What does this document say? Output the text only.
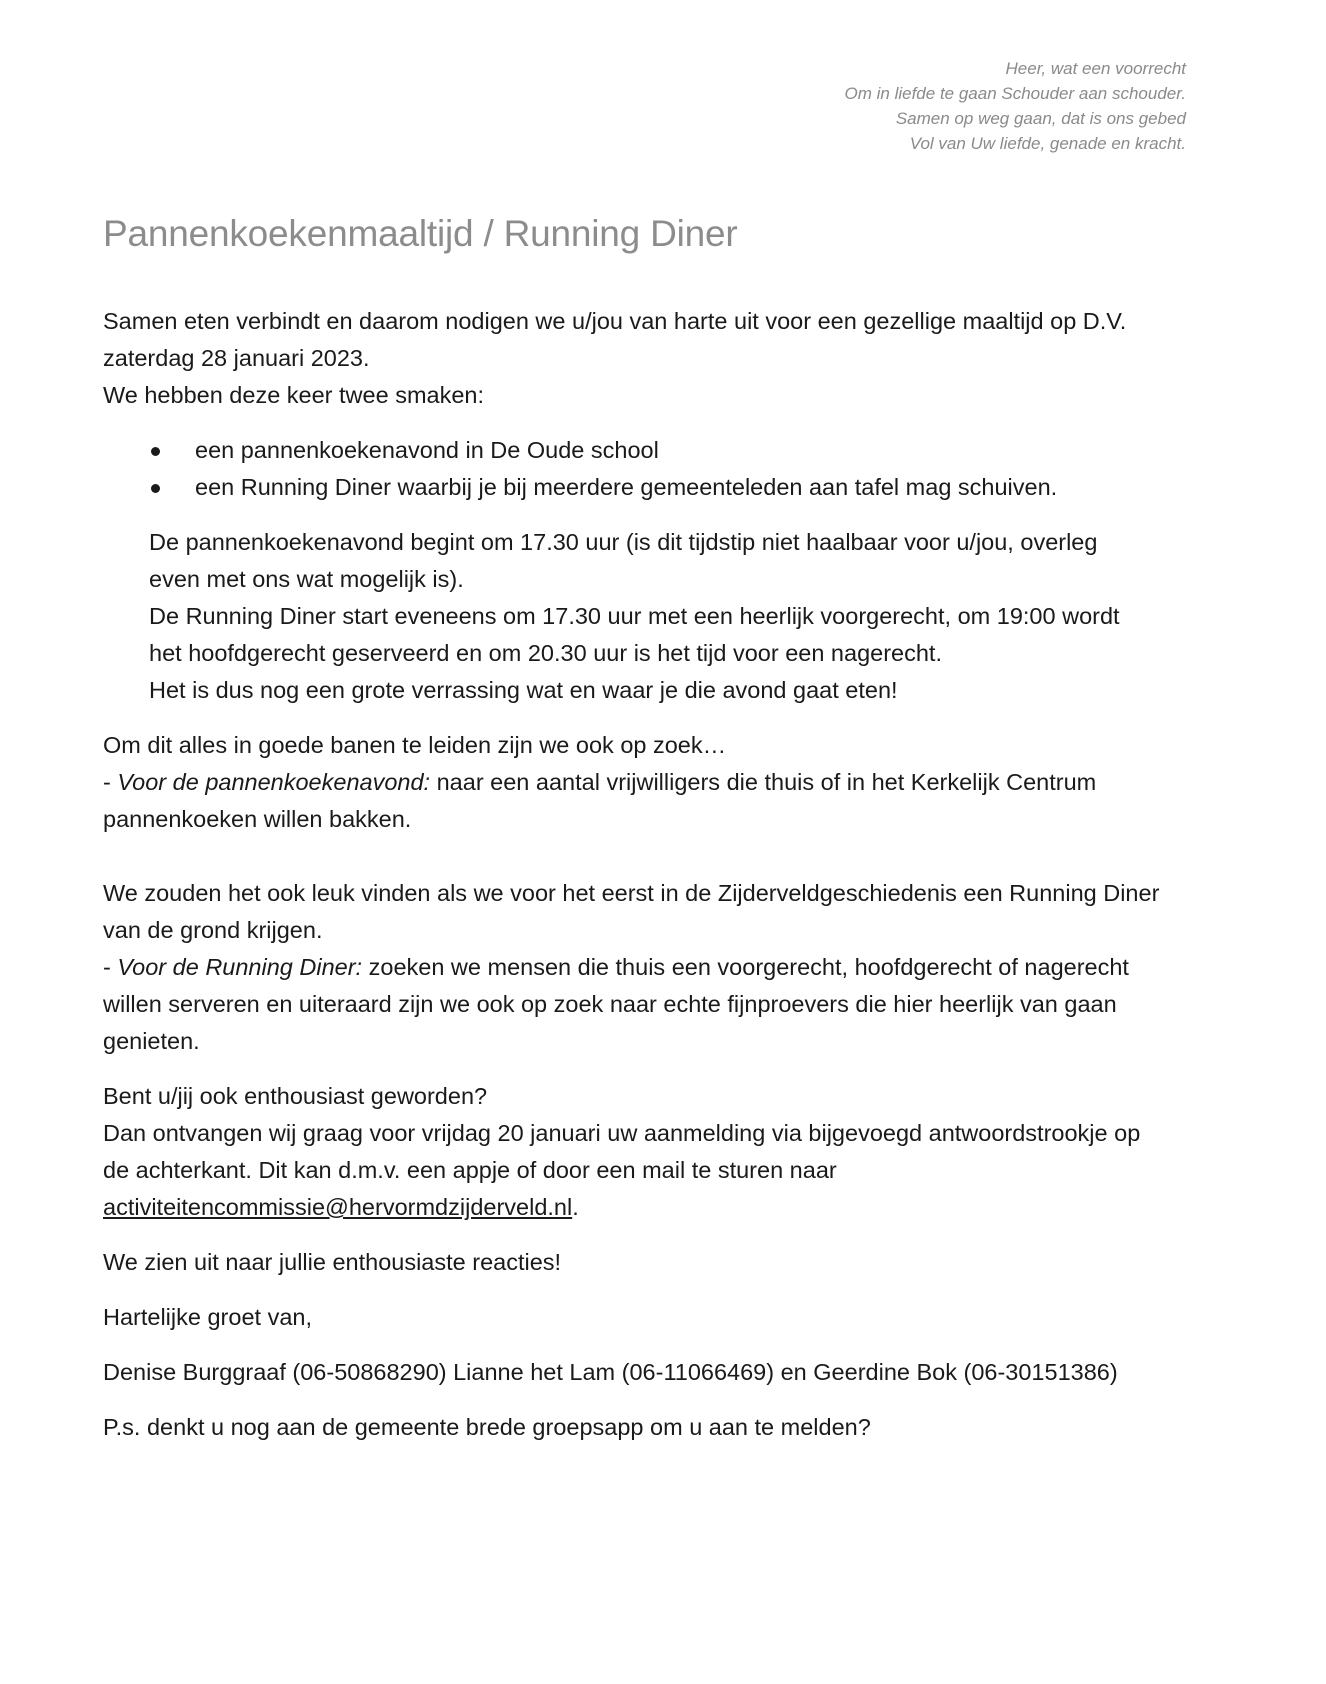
Heer, wat een voorrecht
Om in liefde te gaan Schouder aan schouder.
Samen op weg gaan, dat is ons gebed
Vol van Uw liefde, genade en kracht.
Pannenkoekenmaaltijd / Running Diner

Samen eten verbindt en daarom nodigen we u/jou van harte uit voor een gezellige maaltijd op D.V.

zaterdag 28 januari 2023.

We hebben deze keer twee smaken:

een pannenkoekenavond in De Oude school
een Running Diner waarbij je bij meerdere gemeenteleden aan tafel mag schuiven.

De pannenkoekenavond begint om 17.30 uur (is dit tijdstip niet haalbaar voor u/jou, overleg

even met ons wat mogelijk is).

De Running Diner start eveneens om 17.30 uur met een heerlijk voorgerecht, om 19:00 wordt

het hoofdgerecht geserveerd en om 20.30 uur is het tijd voor een nagerecht.

Het is dus nog een grote verrassing wat en waar je die avond gaat eten!

Om dit alles in goede banen te leiden zijn we ook op zoek…

- Voor de pannenkoekenavond: naar een aantal vrijwilligers die thuis of in het Kerkelijk Centrum

pannenkoeken willen bakken.

We zouden het ook leuk vinden als we voor het eerst in de Zijderveldgeschiedenis een Running Diner

van de grond krijgen.

- Voor de Running Diner: zoeken we mensen die thuis een voorgerecht, hoofdgerecht of nagerecht

willen serveren en uiteraard zijn we ook op zoek naar echte fijnproevers die hier heerlijk van gaan

genieten.

Bent u/jij ook enthousiast geworden?

Dan ontvangen wij graag voor vrijdag 20 januari uw aanmelding via bijgevoegd antwoordstrookje op

de achterkant. Dit kan d.m.v. een appje of door een mail te sturen naar

activiteitencommissie@hervormdzijderveld.nl.

We zien uit naar jullie enthousiaste reacties!

Hartelijke groet van,

Denise Burggraaf (06-50868290) Lianne het Lam (06-11066469) en Geerdine Bok (06-30151386)

P.s. denkt u nog aan de gemeente brede groepsapp om u aan te melden?
